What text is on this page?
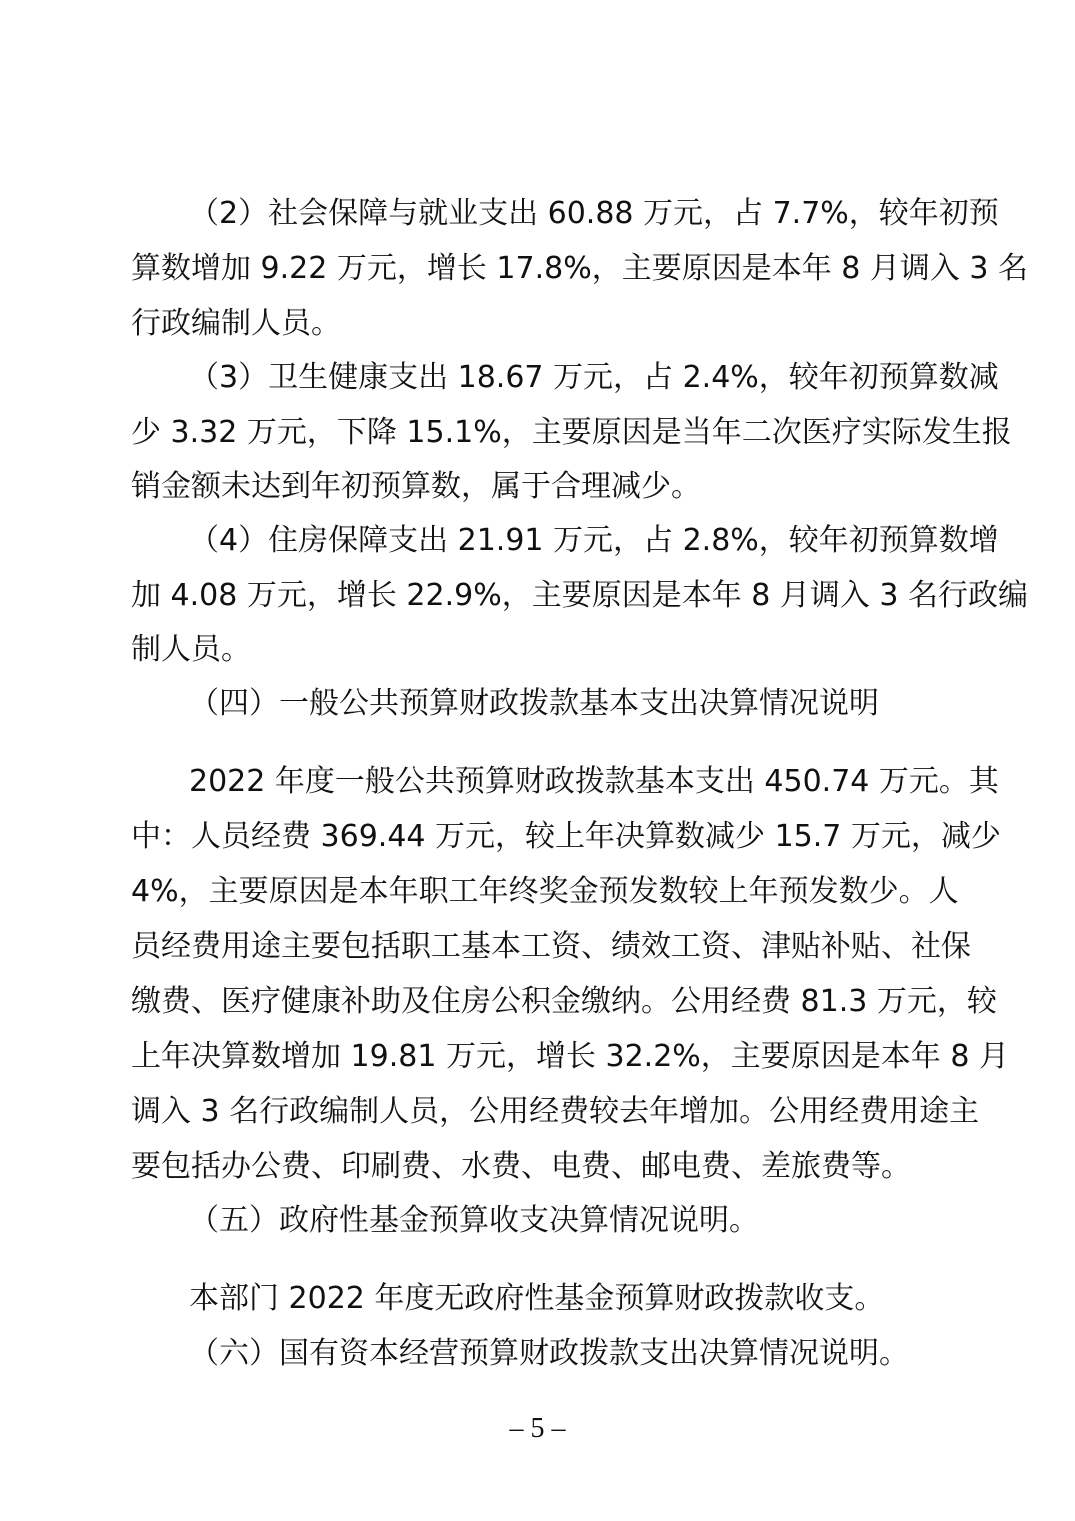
（2）社会保障与就业支出 60.88 万元，占 7.7%，较年初预
算数增加 9.22 万元，增长 17.8%，主要原因是本年 8 月调入 3 名
行政编制人员。
（3）卫生健康支出 18.67 万元，占 2.4%，较年初预算数减
少 3.32 万元，下降 15.1%，主要原因是当年二次医疗实际发生报
销金额未达到年初预算数，属于合理减少。
（4）住房保障支出 21.91 万元，占 2.8%，较年初预算数增
加 4.08 万元，增长 22.9%，主要原因是本年 8 月调入 3 名行政编
制人员。
（四）一般公共预算财政拨款基本支出决算情况说明
2022 年度一般公共预算财政拨款基本支出 450.74 万元。其
中：人员经费 369.44 万元，较上年决算数减少 15.7 万元，减少
4%，主要原因是本年职工年终奖金预发数较上年预发数少。人
员经费用途主要包括职工基本工资、绩效工资、津贴补贴、社保
缴费、医疗健康补助及住房公积金缴纳。公用经费 81.3 万元，较
上年决算数增加 19.81 万元，增长 32.2%，主要原因是本年 8 月
调入 3 名行政编制人员，公用经费较去年增加。公用经费用途主
要包括办公费、印刷费、水费、电费、邮电费、差旅费等。
（五）政府性基金预算收支决算情况说明。
本部门 2022 年度无政府性基金预算财政拨款收支。
（六）国有资本经营预算财政拨款支出决算情况说明。
– 5 –
